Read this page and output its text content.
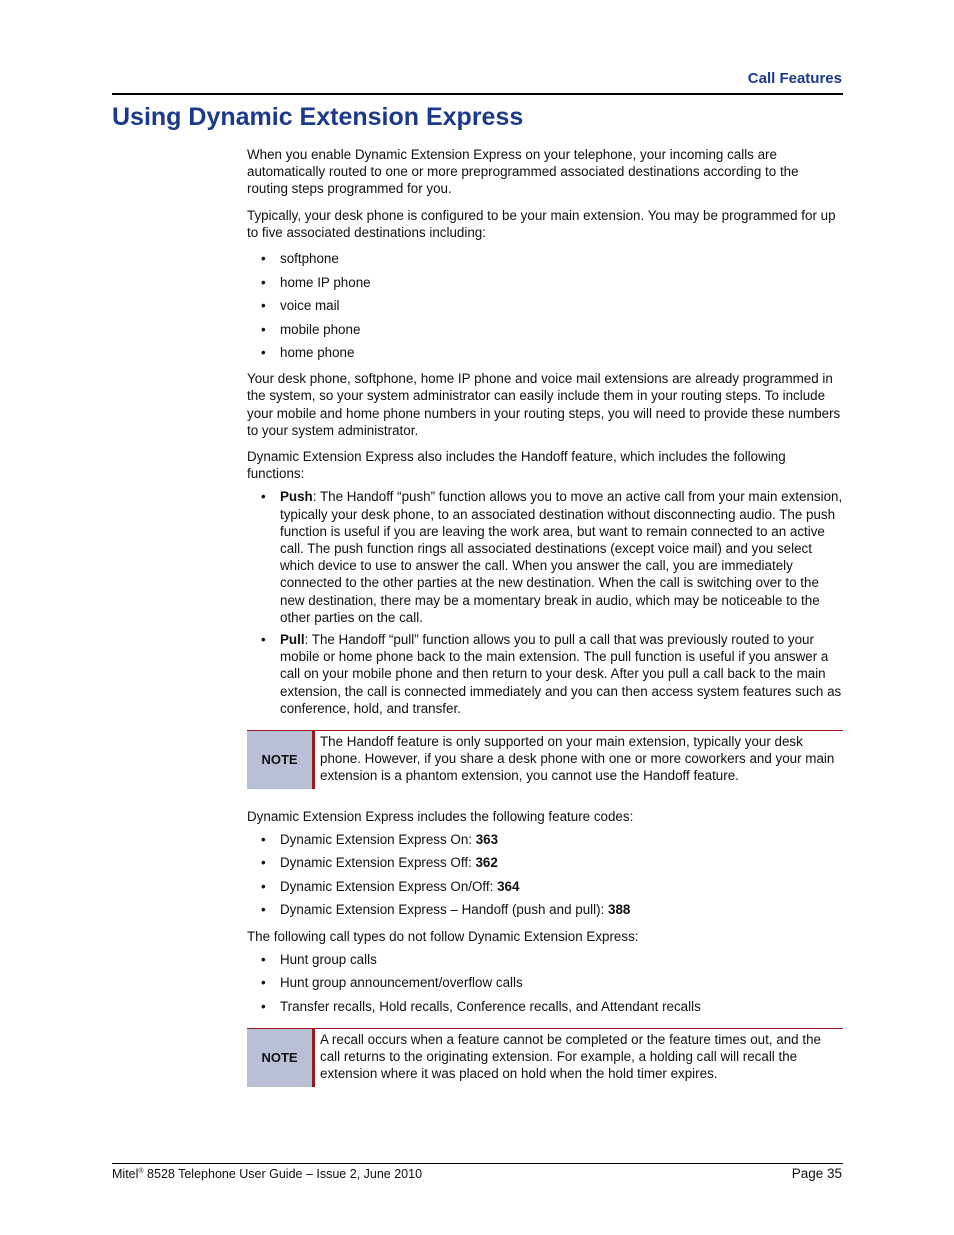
Call Features
Using Dynamic Extension Express

When you enable Dynamic Extension Express on your telephone, your incoming calls are automatically routed to one or more preprogrammed associated destinations according to the routing steps programmed for you.

Typically, your desk phone is configured to be your main extension. You may be programmed for up to five associated destinations including:

• softphone
• home IP phone
• voice mail
• mobile phone
• home phone

Your desk phone, softphone, home IP phone and voice mail extensions are already programmed in the system, so your system administrator can easily include them in your routing steps. To include your mobile and home phone numbers in your routing steps, you will need to provide these numbers to your system administrator.

Dynamic Extension Express also includes the Handoff feature, which includes the following functions:

• Push: The Handoff “push” function allows you to move an active call from your main extension, typically your desk phone, to an associated destination without disconnecting audio. The push function is useful if you are leaving the work area, but want to remain connected to an active call. The push function rings all associated destinations (except voice mail) and you select which device to use to answer the call. When you answer the call, you are immediately connected to the other parties at the new destination. When the call is switching over to the new destination, there may be a momentary break in audio, which may be noticeable to the other parties on the call.
• Pull: The Handoff “pull” function allows you to pull a call that was previously routed to your mobile or home phone back to the main extension. The pull function is useful if you answer a call on your mobile phone and then return to your desk. After you pull a call back to the main extension, the call is connected immediately and you can then access system features such as conference, hold, and transfer.
NOTE
The Handoff feature is only supported on your main extension, typically your desk phone. However, if you share a desk phone with one or more coworkers and your main extension is a phantom extension, you cannot use the Handoff feature.

Dynamic Extension Express includes the following feature codes:

• Dynamic Extension Express On: 363
• Dynamic Extension Express Off: 362
• Dynamic Extension Express On/Off: 364
• Dynamic Extension Express – Handoff (push and pull): 388

The following call types do not follow Dynamic Extension Express:

• Hunt group calls
• Hunt group announcement/overflow calls
• Transfer recalls, Hold recalls, Conference recalls, and Attendant recalls
NOTE
A recall occurs when a feature cannot be completed or the feature times out, and the call returns to the originating extension. For example, a holding call will recall the extension where it was placed on hold when the hold timer expires.
Mitel® 8528 Telephone User Guide – Issue 2, June 2010	Page 35
